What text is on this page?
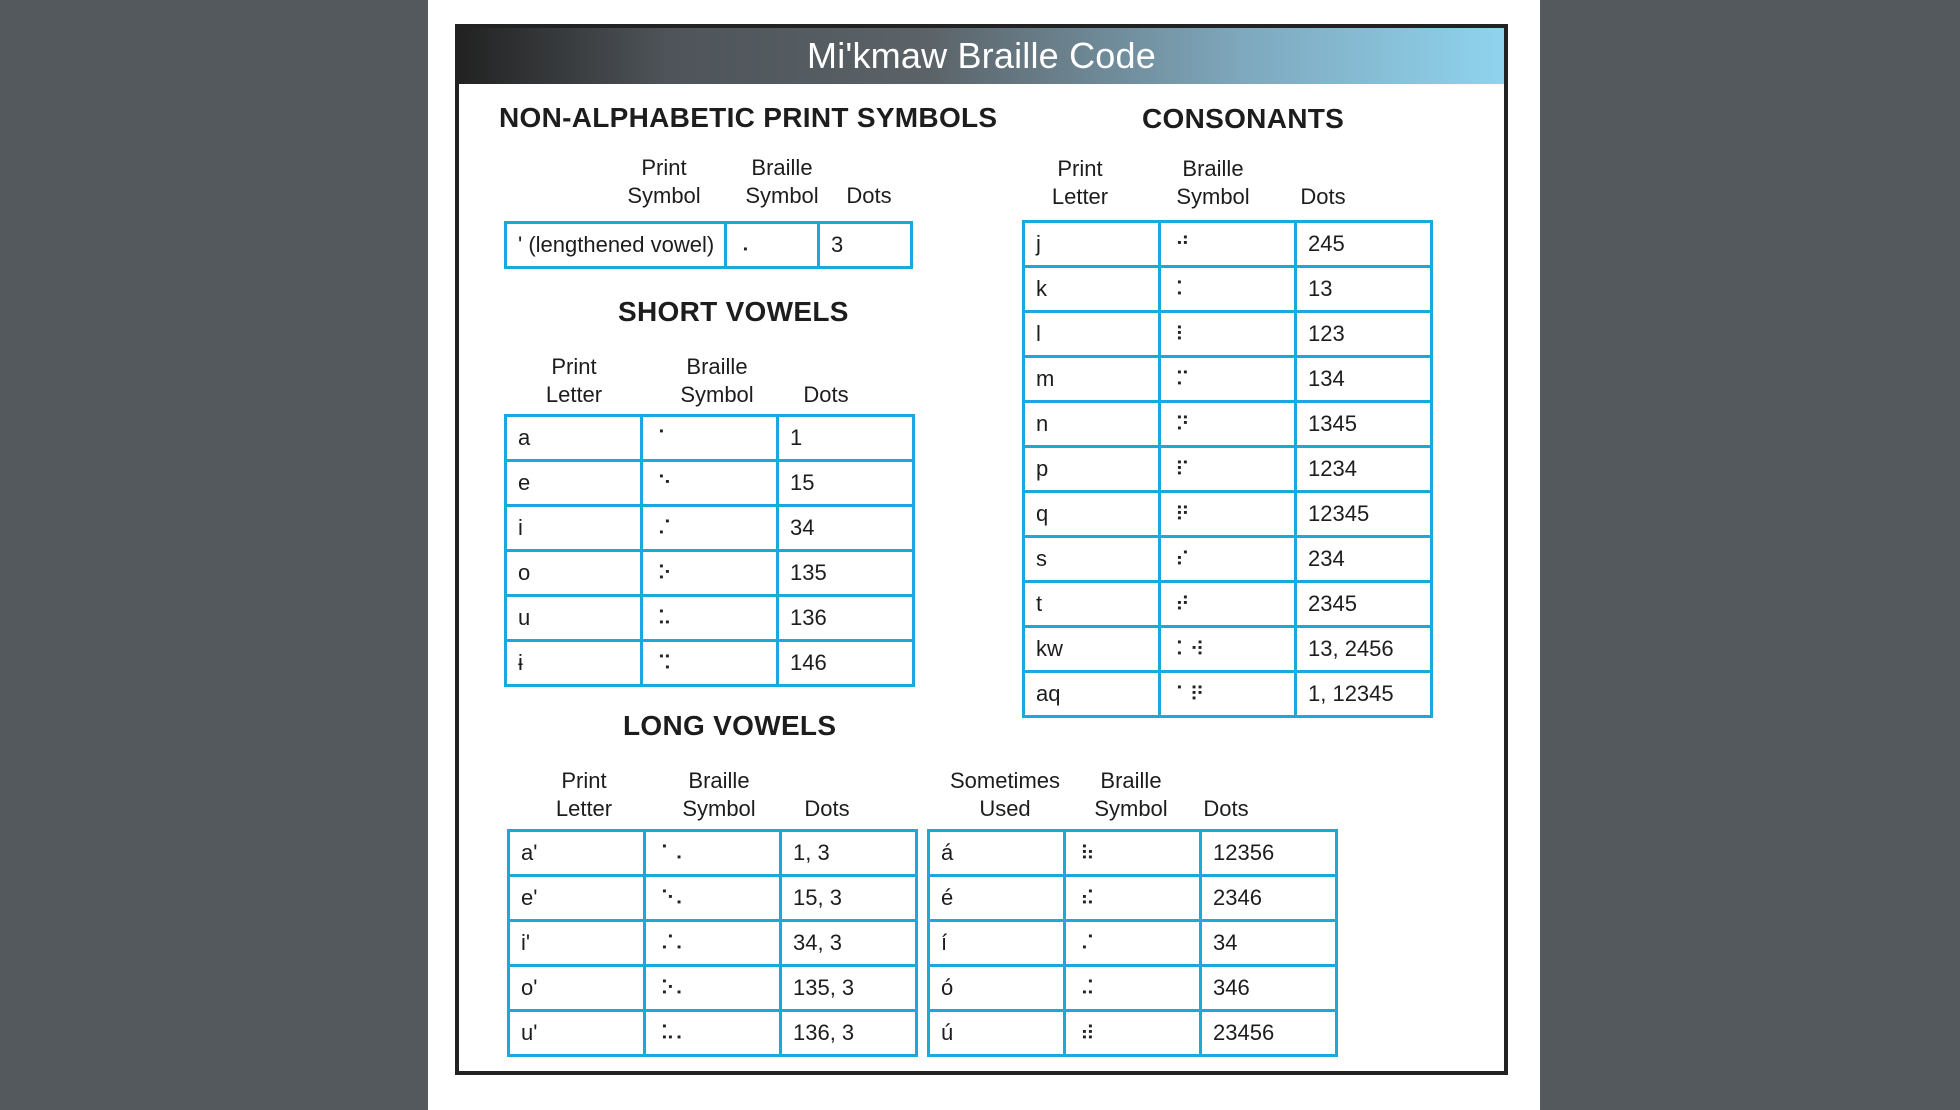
Mi'kmaw Braille Code
NON-ALPHABETIC PRINT SYMBOLS
Print
Symbol
Braille
Symbol	Dots
' (lengthened vowel)	⠄	3
SHORT VOWELS
Print
Letter
Braille
Symbol	Dots
a	⠁	1
e	⠑	15
i	⠌	34
o	⠕	135
u	⠥	136
ɨ	⠩	146
LONG VOWELS
Print
Letter
Braille
Symbol	Dots
a'	⠁⠄	1, 3
e'	⠑⠄	15, 3
i'	⠌⠄	34, 3
o'	⠕⠄	135, 3
u'	⠥⠄	136, 3
Sometimes
Used
Braille
Symbol	Dots
á	⠷	12356
é	⠮	2346
í	⠌	34
ó	⠬	346
ú	⠾	23456
CONSONANTS
Print
Letter
Braille
Symbol	Dots
j	⠚	245
k	⠅	13
l	⠇	123
m	⠍	134
n	⠝	1345
p	⠏	1234
q	⠟	12345
s	⠎	234
t	⠞	2345
kw	⠅⠺	13, 2456
aq	⠁⠟	1, 12345
